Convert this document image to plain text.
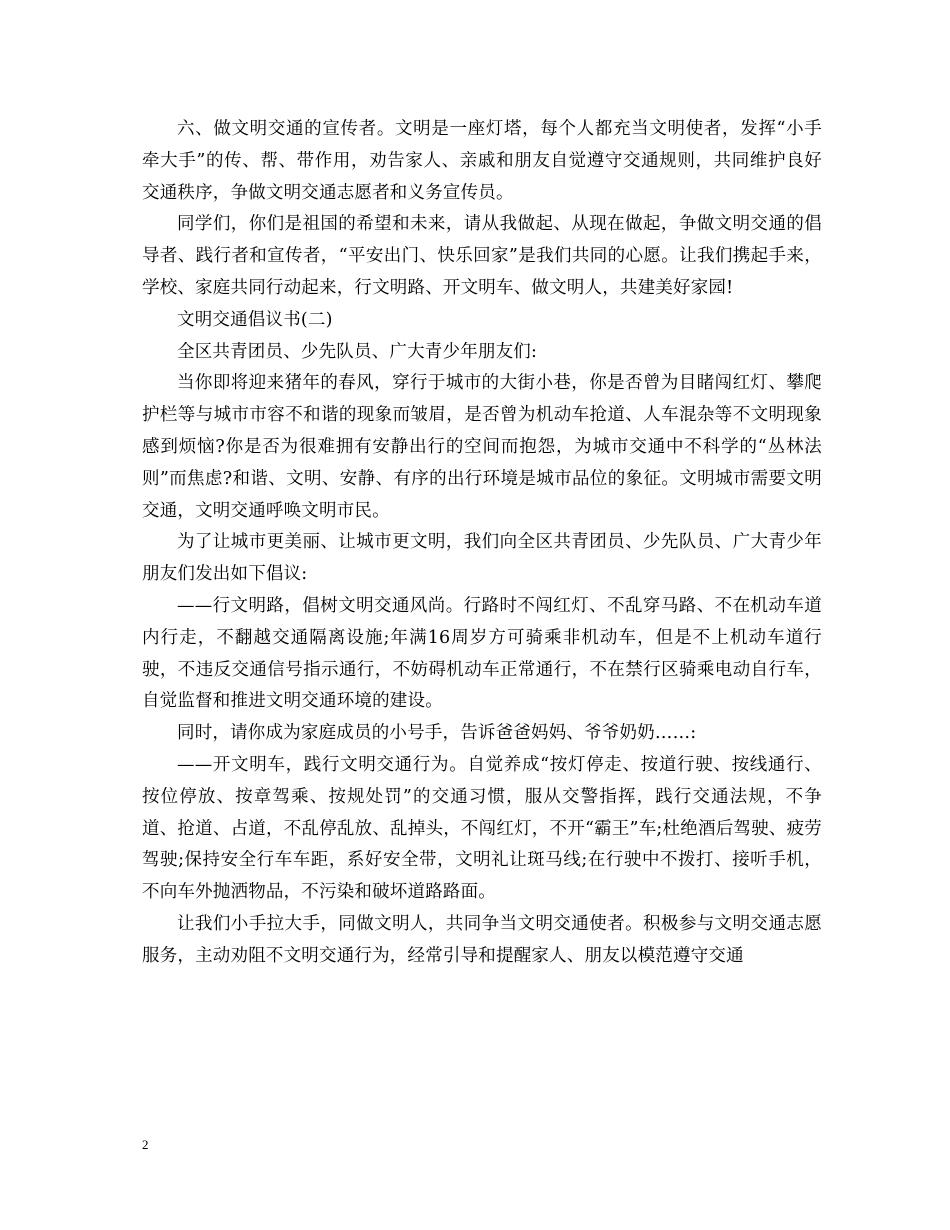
六、做文明交通的宣传者。文明是一座灯塔，每个人都充当文明使者，发挥“小手牵大手”的传、帮、带作用，劝告家人、亲戚和朋友自觉遵守交通规则，共同维护良好交通秩序，争做文明交通志愿者和义务宣传员。

同学们，你们是祖国的希望和未来，请从我做起、从现在做起，争做文明交通的倡导者、践行者和宣传者，“平安出门、快乐回家”是我们共同的心愿。让我们携起手来，学校、家庭共同行动起来，行文明路、开文明车、做文明人，共建美好家园!

文明交通倡议书(二)

全区共青团员、少先队员、广大青少年朋友们:

当你即将迎来猪年的春风，穿行于城市的大街小巷，你是否曾为目睹闯红灯、攀爬护栏等与城市市容不和谐的现象而皱眉，是否曾为机动车抢道、人车混杂等不文明现象感到烦恼?你是否为很难拥有安静出行的空间而抱怨，为城市交通中不科学的“丛林法则”而焦虑?和谐、文明、安静、有序的出行环境是城市品位的象征。文明城市需要文明交通，文明交通呼唤文明市民。

为了让城市更美丽、让城市更文明，我们向全区共青团员、少先队员、广大青少年朋友们发出如下倡议:

——行文明路，倡树文明交通风尚。行路时不闯红灯、不乱穿马路、不在机动车道内行走，不翻越交通隔离设施;年满16周岁方可骑乘非机动车，但是不上机动车道行驶，不违反交通信号指示通行，不妨碍机动车正常通行，不在禁行区骑乘电动自行车，自觉监督和推进文明交通环境的建设。

同时，请你成为家庭成员的小号手，告诉爸爸妈妈、爷爷奶奶……:

——开文明车，践行文明交通行为。自觉养成“按灯停走、按道行驶、按线通行、按位停放、按章驾乘、按规处罚”的交通习惯，服从交警指挥，践行交通法规，不争道、抢道、占道，不乱停乱放、乱掉头，不闯红灯，不开“霸王”车;杜绝酒后驾驶、疲劳驾驶;保持安全行车车距，系好安全带，文明礼让斑马线;在行驶中不拨打、接听手机，不向车外抛洒物品，不污染和破坏道路路面。

让我们小手拉大手，同做文明人，共同争当文明交通使者。积极参与文明交通志愿服务，主动劝阻不文明交通行为，经常引导和提醒家人、朋友以模范遵守交通

2
